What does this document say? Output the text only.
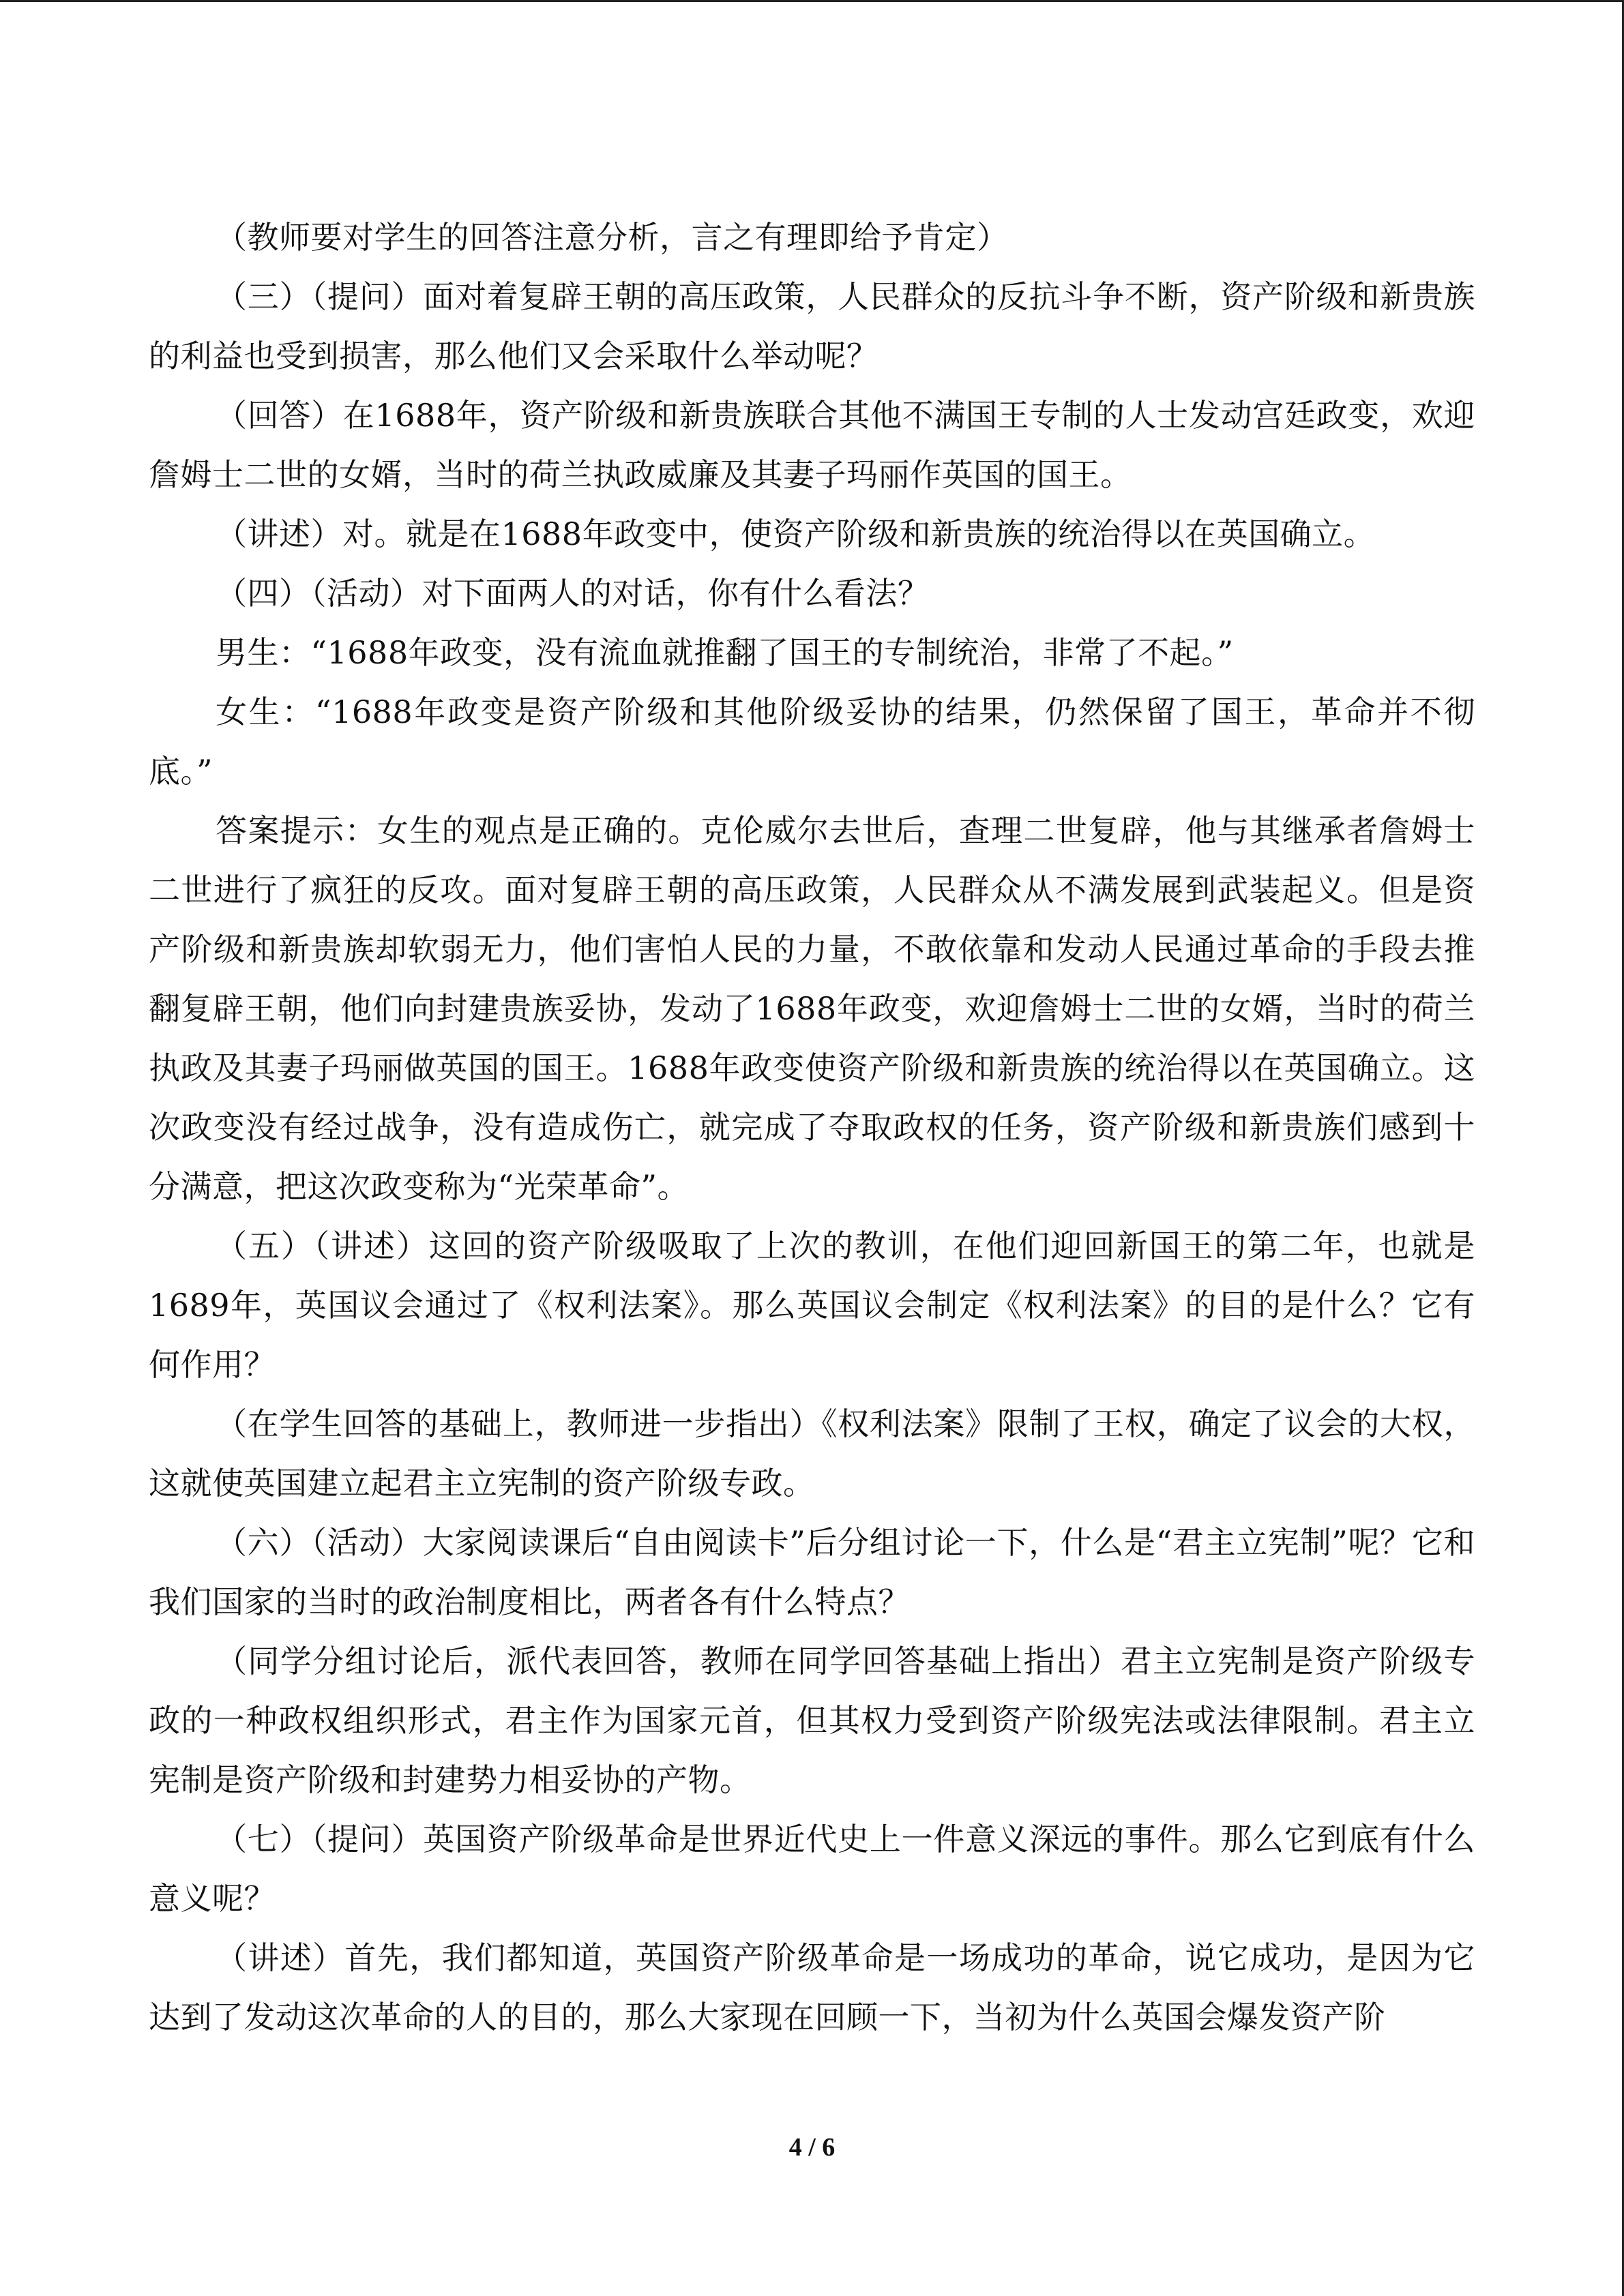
（教师要对学生的回答注意分析，言之有理即给予肯定）

（三）（提问）面对着复辟王朝的高压政策，人民群众的反抗斗争不断，资产阶级和新贵族的利益也受到损害，那么他们又会采取什么举动呢？

（回答）在1688年，资产阶级和新贵族联合其他不满国王专制的人士发动宫廷政变，欢迎詹姆士二世的女婿，当时的荷兰执政威廉及其妻子玛丽作英国的国王。

（讲述）对。就是在1688年政变中，使资产阶级和新贵族的统治得以在英国确立。

（四）（活动）对下面两人的对话，你有什么看法？

男生：“1688年政变，没有流血就推翻了国王的专制统治，非常了不起。”

女生：“1688年政变是资产阶级和其他阶级妥协的结果，仍然保留了国王，革命并不彻底。”

答案提示：女生的观点是正确的。克伦威尔去世后，查理二世复辟，他与其继承者詹姆士二世进行了疯狂的反攻。面对复辟王朝的高压政策，人民群众从不满发展到武装起义。但是资产阶级和新贵族却软弱无力，他们害怕人民的力量，不敢依靠和发动人民通过革命的手段去推翻复辟王朝，他们向封建贵族妥协，发动了1688年政变，欢迎詹姆士二世的女婿，当时的荷兰执政及其妻子玛丽做英国的国王。1688年政变使资产阶级和新贵族的统治得以在英国确立。这次政变没有经过战争，没有造成伤亡，就完成了夺取政权的任务，资产阶级和新贵族们感到十分满意，把这次政变称为“光荣革命”。

（五）（讲述）这回的资产阶级吸取了上次的教训，在他们迎回新国王的第二年，也就是1689年，英国议会通过了《权利法案》。那么英国议会制定《权利法案》的目的是什么？它有何作用？

（在学生回答的基础上，教师进一步指出）《权利法案》限制了王权，确定了议会的大权，这就使英国建立起君主立宪制的资产阶级专政。

（六）（活动）大家阅读课后“自由阅读卡”后分组讨论一下，什么是“君主立宪制”呢？它和我们国家的当时的政治制度相比，两者各有什么特点？

（同学分组讨论后，派代表回答，教师在同学回答基础上指出）君主立宪制是资产阶级专政的一种政权组织形式，君主作为国家元首，但其权力受到资产阶级宪法或法律限制。君主立宪制是资产阶级和封建势力相妥协的产物。

（七）（提问）英国资产阶级革命是世界近代史上一件意义深远的事件。那么它到底有什么意义呢？

（讲述）首先，我们都知道，英国资产阶级革命是一场成功的革命，说它成功，是因为它达到了发动这次革命的人的目的，那么大家现在回顾一下，当初为什么英国会爆发资产阶

4 / 6
